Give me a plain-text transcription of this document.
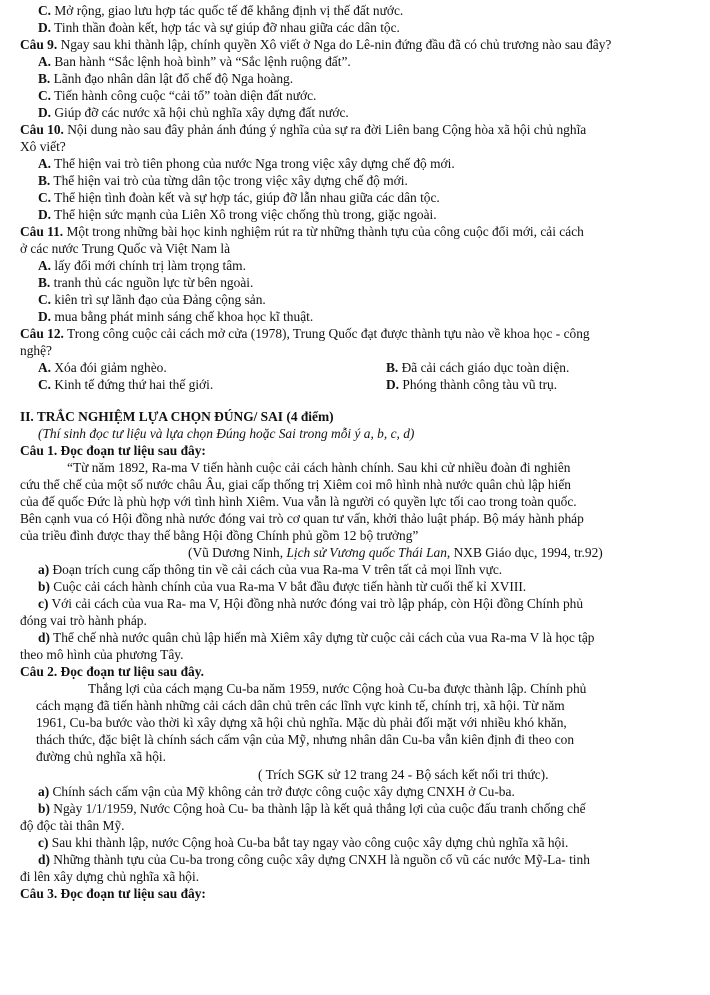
C. Mở rộng, giao lưu hợp tác quốc tế để khẳng định vị thế đất nước.
D. Tinh thần đoàn kết, hợp tác và sự giúp đỡ nhau giữa các dân tộc.
Câu 9. Ngay sau khi thành lập, chính quyền Xô viết ở Nga do Lê-nin đứng đầu đã có chủ trương nào sau đây?
A. Ban hành “Sắc lệnh hoà bình” và “Sắc lệnh ruộng đất”.
B. Lãnh đạo nhân dân lật đổ chế độ Nga hoàng.
C. Tiến hành công cuộc “cải tổ” toàn diện đất nước.
D. Giúp đỡ các nước xã hội chủ nghĩa xây dựng đất nước.
Câu 10. Nội dung nào sau đây phản ánh đúng ý nghĩa của sự ra đời Liên bang Cộng hòa xã hội chủ nghĩa
Xô viết?
A. Thể hiện vai trò tiên phong của nước Nga trong việc xây dựng chế độ mới.
B. Thể hiện vai trò của từng dân tộc trong việc xây dựng chế độ mới.
C. Thể hiện tình đoàn kết và sự hợp tác, giúp đỡ lẫn nhau giữa các dân tộc.
D. Thể hiện sức mạnh của Liên Xô trong việc chống thù trong, giặc ngoài.
Câu 11. Một trong những bài học kinh nghiệm rút ra từ những thành tựu của công cuộc đổi mới, cải cách
ở các nước Trung Quốc và Việt Nam là
A. lấy đổi mới chính trị làm trọng tâm.
B. tranh thủ các nguồn lực từ bên ngoài.
C. kiên trì sự lãnh đạo của Đảng cộng sản.
D. mua bằng phát minh sáng chế khoa học kĩ thuật.
Câu 12. Trong công cuộc cải cách mở cửa (1978), Trung Quốc đạt được thành tựu nào về khoa học - công
nghệ?
A. Xóa đói giảm nghèo.	B. Đã cải cách giáo dục toàn diện.
C. Kinh tế đứng thứ hai thế giới.	D. Phóng thành công tàu vũ trụ.
II. TRẮC NGHIỆM LỰA CHỌN ĐÚNG/ SAI (4 điểm)
(Thí sinh đọc tư liệu và lựa chọn Đúng hoặc Sai trong mỗi ý a, b, c, d)
Câu 1. Đọc đoạn tư liệu sau đây:
“Từ năm 1892, Ra-ma V tiến hành cuộc cải cách hành chính. Sau khi cử nhiều đoàn đi nghiên
cứu thể chế của một số nước châu Âu, giai cấp thống trị Xiêm coi mô hình nhà nước quân chủ lập hiến
của đế quốc Đức là phù hợp với tình hình Xiêm. Vua vẫn là người có quyền lực tối cao trong toàn quốc.
Bên cạnh vua có Hội đồng nhà nước đóng vai trò cơ quan tư vấn, khởi thảo luật pháp. Bộ máy hành pháp
của triều đình được thay thế bằng Hội đồng Chính phủ gồm 12 bộ trưởng”
(Vũ Dương Ninh, Lịch sử Vương quốc Thái Lan, NXB Giáo dục, 1994, tr.92)
a) Đoạn trích cung cấp thông tin về cải cách của vua Ra-ma V trên tất cả mọi lĩnh vực.
b) Cuộc cải cách hành chính của vua Ra-ma V bắt đầu được tiến hành từ cuối thế kỉ XVIII.
c) Với cải cách của vua Ra- ma V, Hội đồng nhà nước đóng vai trò lập pháp, còn Hội đồng Chính phủ
đóng vai trò hành pháp.
d) Thể chế nhà nước quân chủ lập hiến mà Xiêm xây dựng từ cuộc cải cách của vua Ra-ma V là học tập
theo mô hình của phương Tây.
Câu 2. Đọc đoạn tư liệu sau đây.
Thắng lợi của cách mạng Cu-ba năm 1959, nước Cộng hoà Cu-ba được thành lập. Chính phủ
cách mạng đã tiến hành những cải cách dân chủ trên các lĩnh vực kinh tế, chính trị, xã hội. Từ năm
1961, Cu-ba bước vào thời kì xây dựng xã hội chủ nghĩa. Mặc dù phải đối mặt với nhiều khó khăn,
thách thức, đặc biệt là chính sách cấm vận của Mỹ, nhưng nhân dân Cu-ba vẫn kiên định đi theo con
đường chủ nghĩa xã hội.
( Trích SGK sử 12 trang 24 - Bộ sách kết nối tri thức).
a) Chính sách cấm vận của Mỹ không cản trở được công cuộc xây dựng CNXH ở Cu-ba.
b) Ngày 1/1/1959, Nước Cộng hoà Cu- ba thành lập là kết quả thắng lợi của cuộc đấu tranh chống chế
độ độc tài thân Mỹ.
c) Sau khi thành lập, nước Cộng hoà Cu-ba bắt tay ngay vào công cuộc xây dựng chủ nghĩa xã hội.
d) Những thành tựu của Cu-ba trong công cuộc xây dựng CNXH là nguồn cổ vũ các nước Mỹ-La- tinh
đi lên xây dựng chủ nghĩa xã hội.
Câu 3. Đọc đoạn tư liệu sau đây:
